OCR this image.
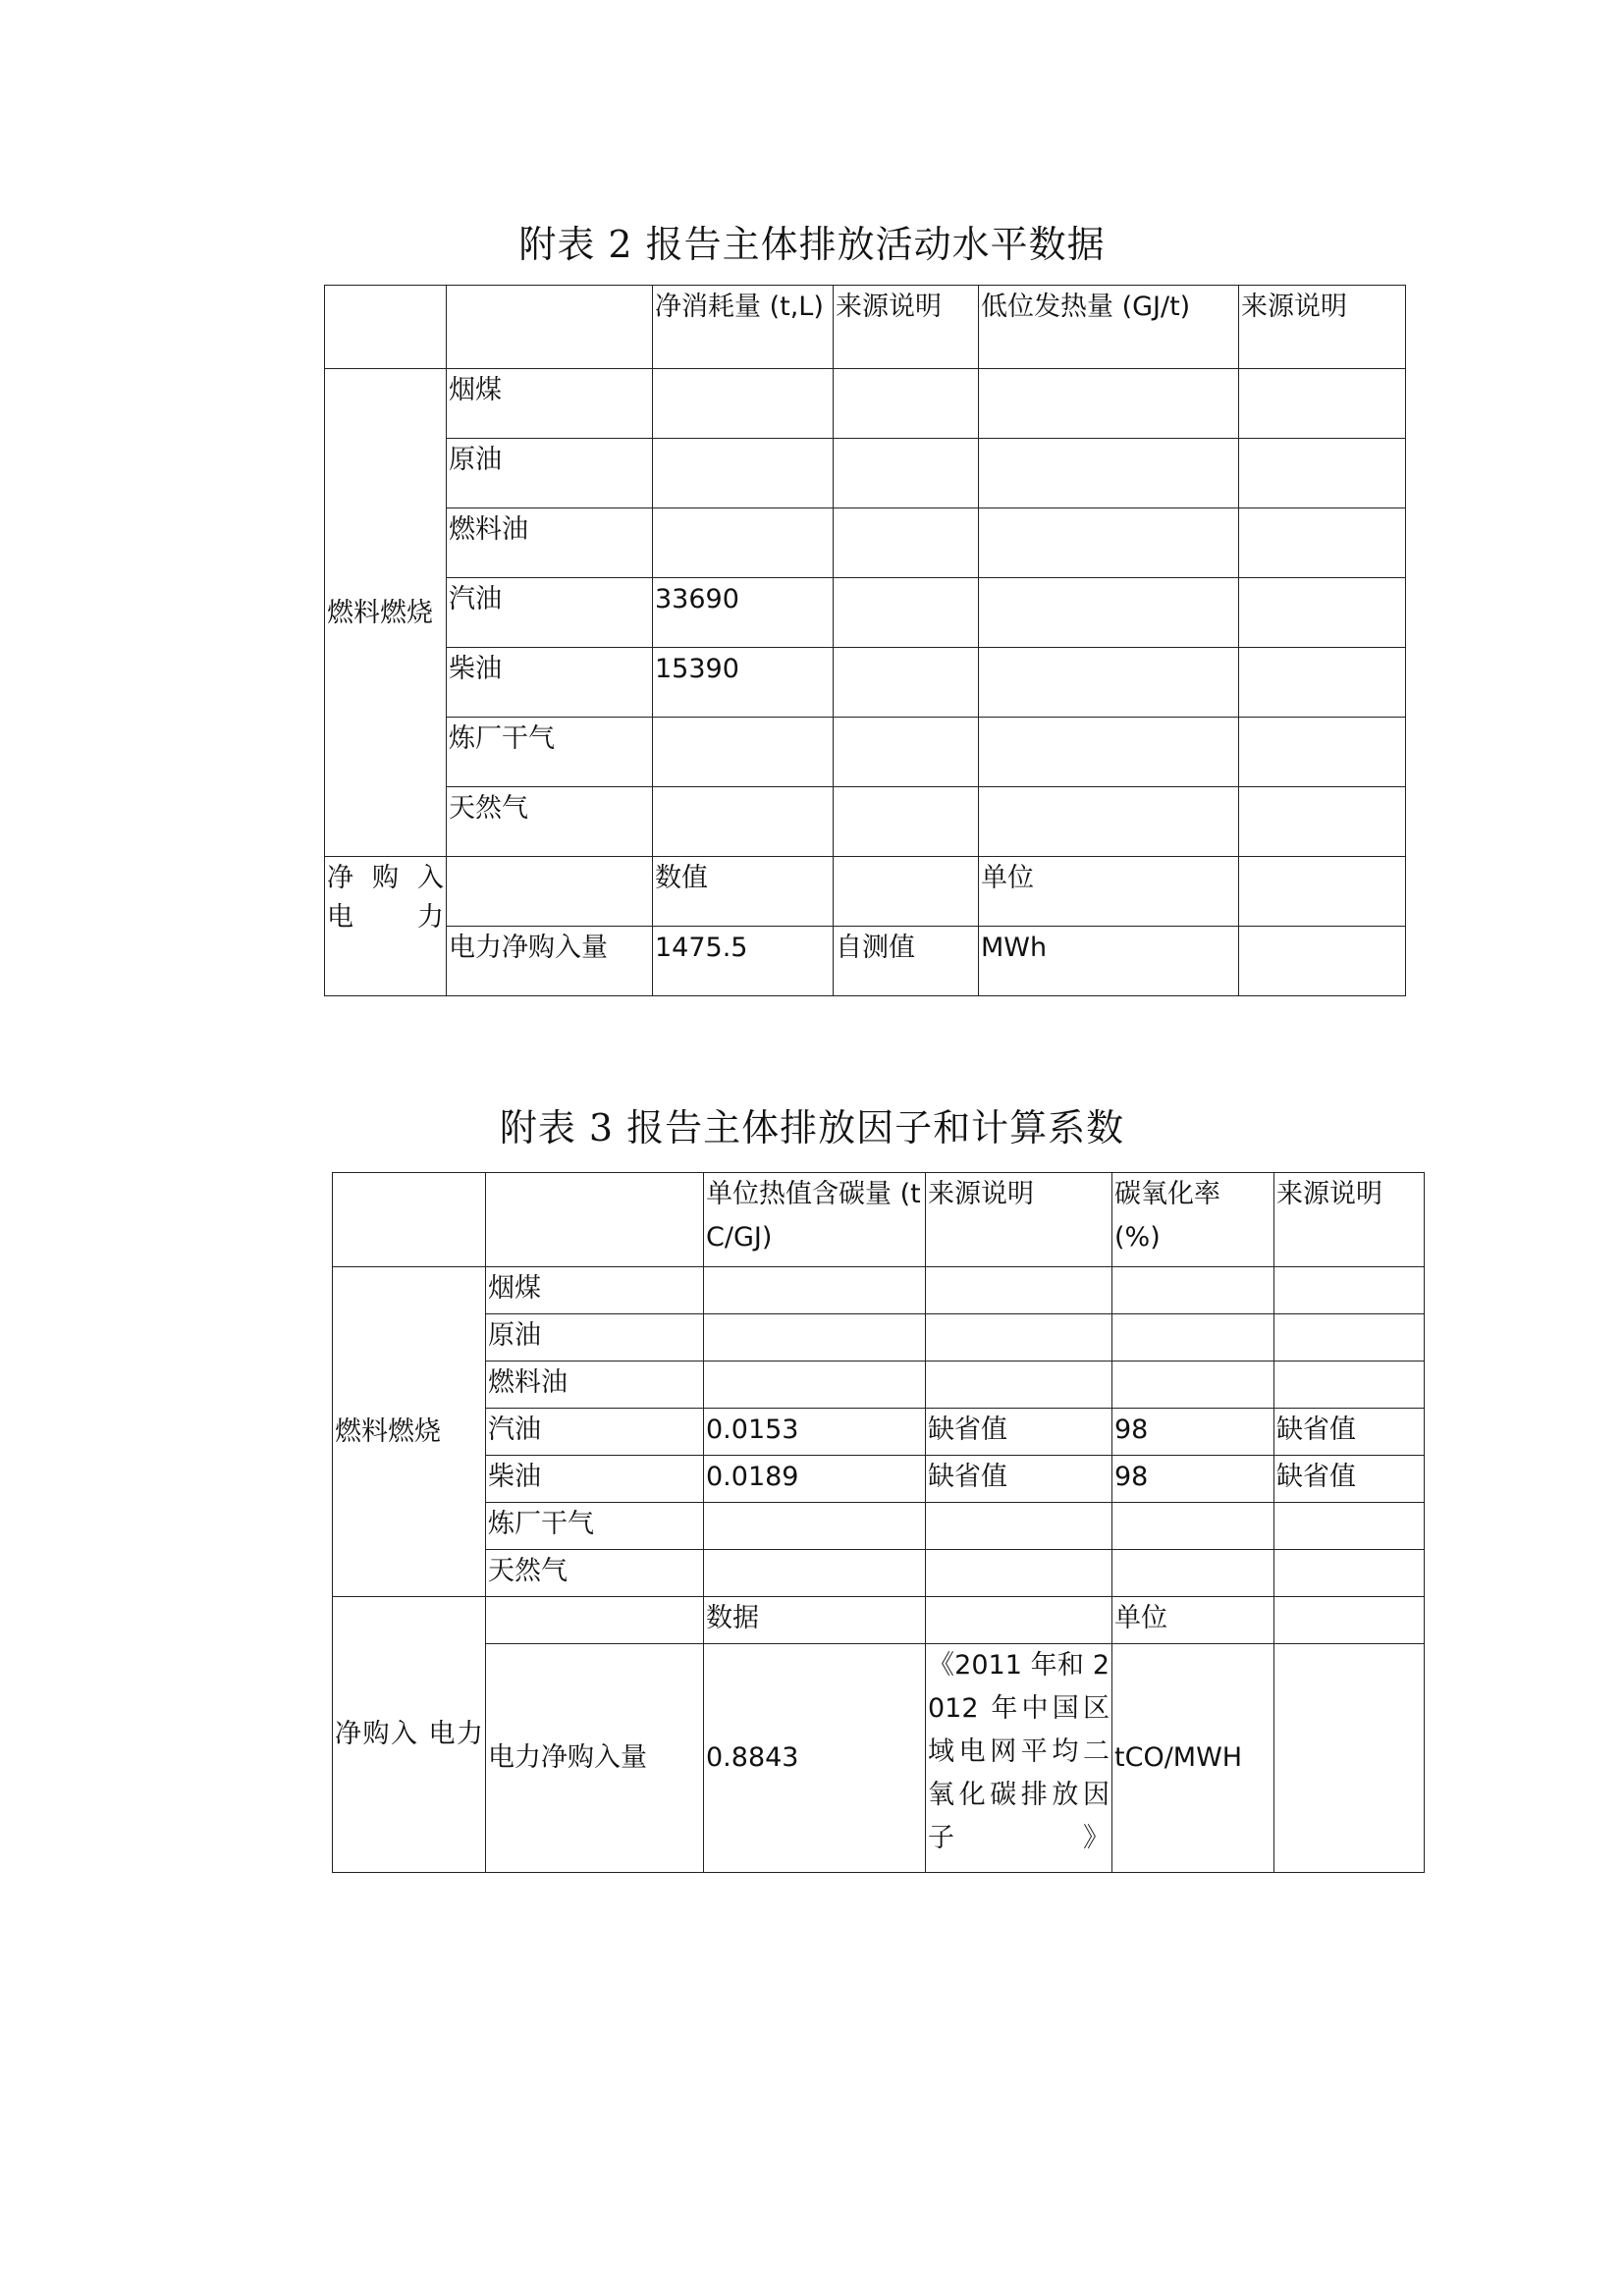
附表 2 报告主体排放活动水平数据
		净消耗量 (t,L)	来源说明	低位发热量 (GJ/t)	来源说明
燃料燃烧	烟煤				
	原油				
	燃料油				
	汽油	33690			
	柴油	15390			
	炼厂干气				
	天然气				
净 购 入 电力		数值		单位	
	电力净购入量	1475.5	自测值	MWh	
附表 3 报告主体排放因子和计算系数
		单位热值含碳量 (tC/GJ)	来源说明	碳氧化率 (%)	来源说明
燃料燃烧	烟煤				
	原油				
	燃料油				
	汽油	0.0153	缺省值	98	缺省值
	柴油	0.0189	缺省值	98	缺省值
	炼厂干气				
	天然气				
净购入 电力		数据		单位	
	电力净购入量	0.8843	《2011 年和 2012 年中国区域电网平均二氧化碳排放因子》	tCO/MWH	
